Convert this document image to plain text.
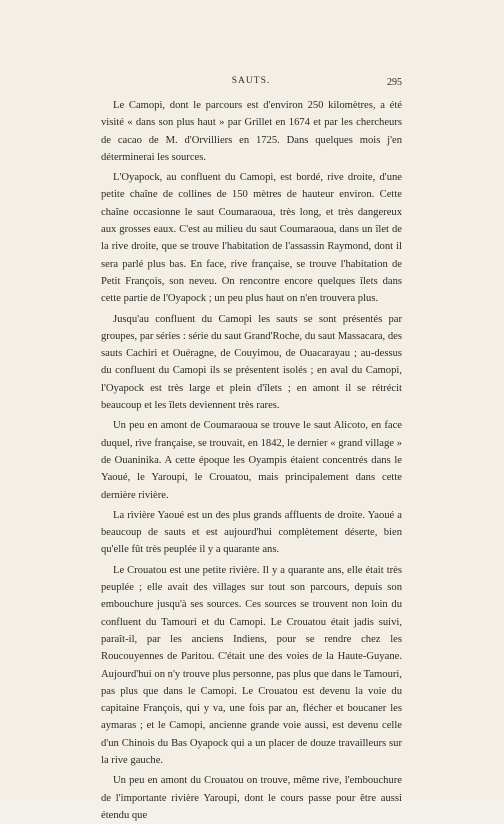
SAUTS.	295

Le Camopi, dont le parcours est d'environ 250 kilomètres, a été visité « dans son plus haut » par Grillet en 1674 et par les chercheurs de cacao de M. d'Orvilliers en 1725. Dans quelques mois j'en déterminerai les sources.

L'Oyapock, au confluent du Camopi, est bordé, rive droite, d'une petite chaîne de collines de 150 mètres de hauteur environ. Cette chaîne occasionne le saut Coumaraoua, très long, et très dangereux aux grosses eaux. C'est au milieu du saut Coumaraoua, dans un îlet de la rive droite, que se trouve l'habitation de l'assassin Raymond, dont il sera parlé plus bas. En face, rive française, se trouve l'habitation de Petit François, son neveu. On rencontre encore quelques îlets dans cette partie de l'Oyapock ; un peu plus haut on n'en trouvera plus.

Jusqu'au confluent du Camopi les sauts se sont présentés par groupes, par séries : série du saut Grand'Roche, du saut Massacara, des sauts Cachiri et Ouéragne, de Couyimou, de Ouacarayau ; au-dessus du confluent du Camopi ils se présentent isolés ; en aval du Camopi, l'Oyapock est très large et plein d'îlets ; en amont il se rétrécit beaucoup et les îlets deviennent très rares.

Un peu en amont de Coumaraoua se trouve le saut Alicoto, en face duquel, rive française, se trouvait, en 1842, le dernier « grand village » de Ouaninika. A cette époque les Oyampis étaient concentrés dans le Yaoué, le Yaroupi, le Crouatou, mais principalement dans cette dernière rivière.

La rivière Yaoué est un des plus grands affluents de droite. Yaoué a beaucoup de sauts et est aujourd'hui complètement déserte, bien qu'elle fût très peuplée il y a quarante ans.

Le Crouatou est une petite rivière. Il y a quarante ans, elle était très peuplée ; elle avait des villages sur tout son parcours, depuis son embouchure jusqu'à ses sources. Ces sources se trouvent non loin du confluent du Tamouri et du Camopi. Le Crouatou était jadis suivi, paraît-il, par les anciens Indiens, pour se rendre chez les Roucouyennes de Paritou. C'était une des voies de la Haute-Guyane. Aujourd'hui on n'y trouve plus personne, pas plus que dans le Tamouri, pas plus que dans le Camopi. Le Crouatou est devenu la voie du capitaine François, qui y va, une fois par an, flécher et boucaner les aymaras ; et le Camopi, ancienne grande voie aussi, est devenu celle d'un Chinois du Bas Oyapock qui a un placer de douze travailleurs sur la rive gauche.

Un peu en amont du Crouatou on trouve, même rive, l'embouchure de l'importante rivière Yaroupi, dont le cours passe pour être aussi étendu que
